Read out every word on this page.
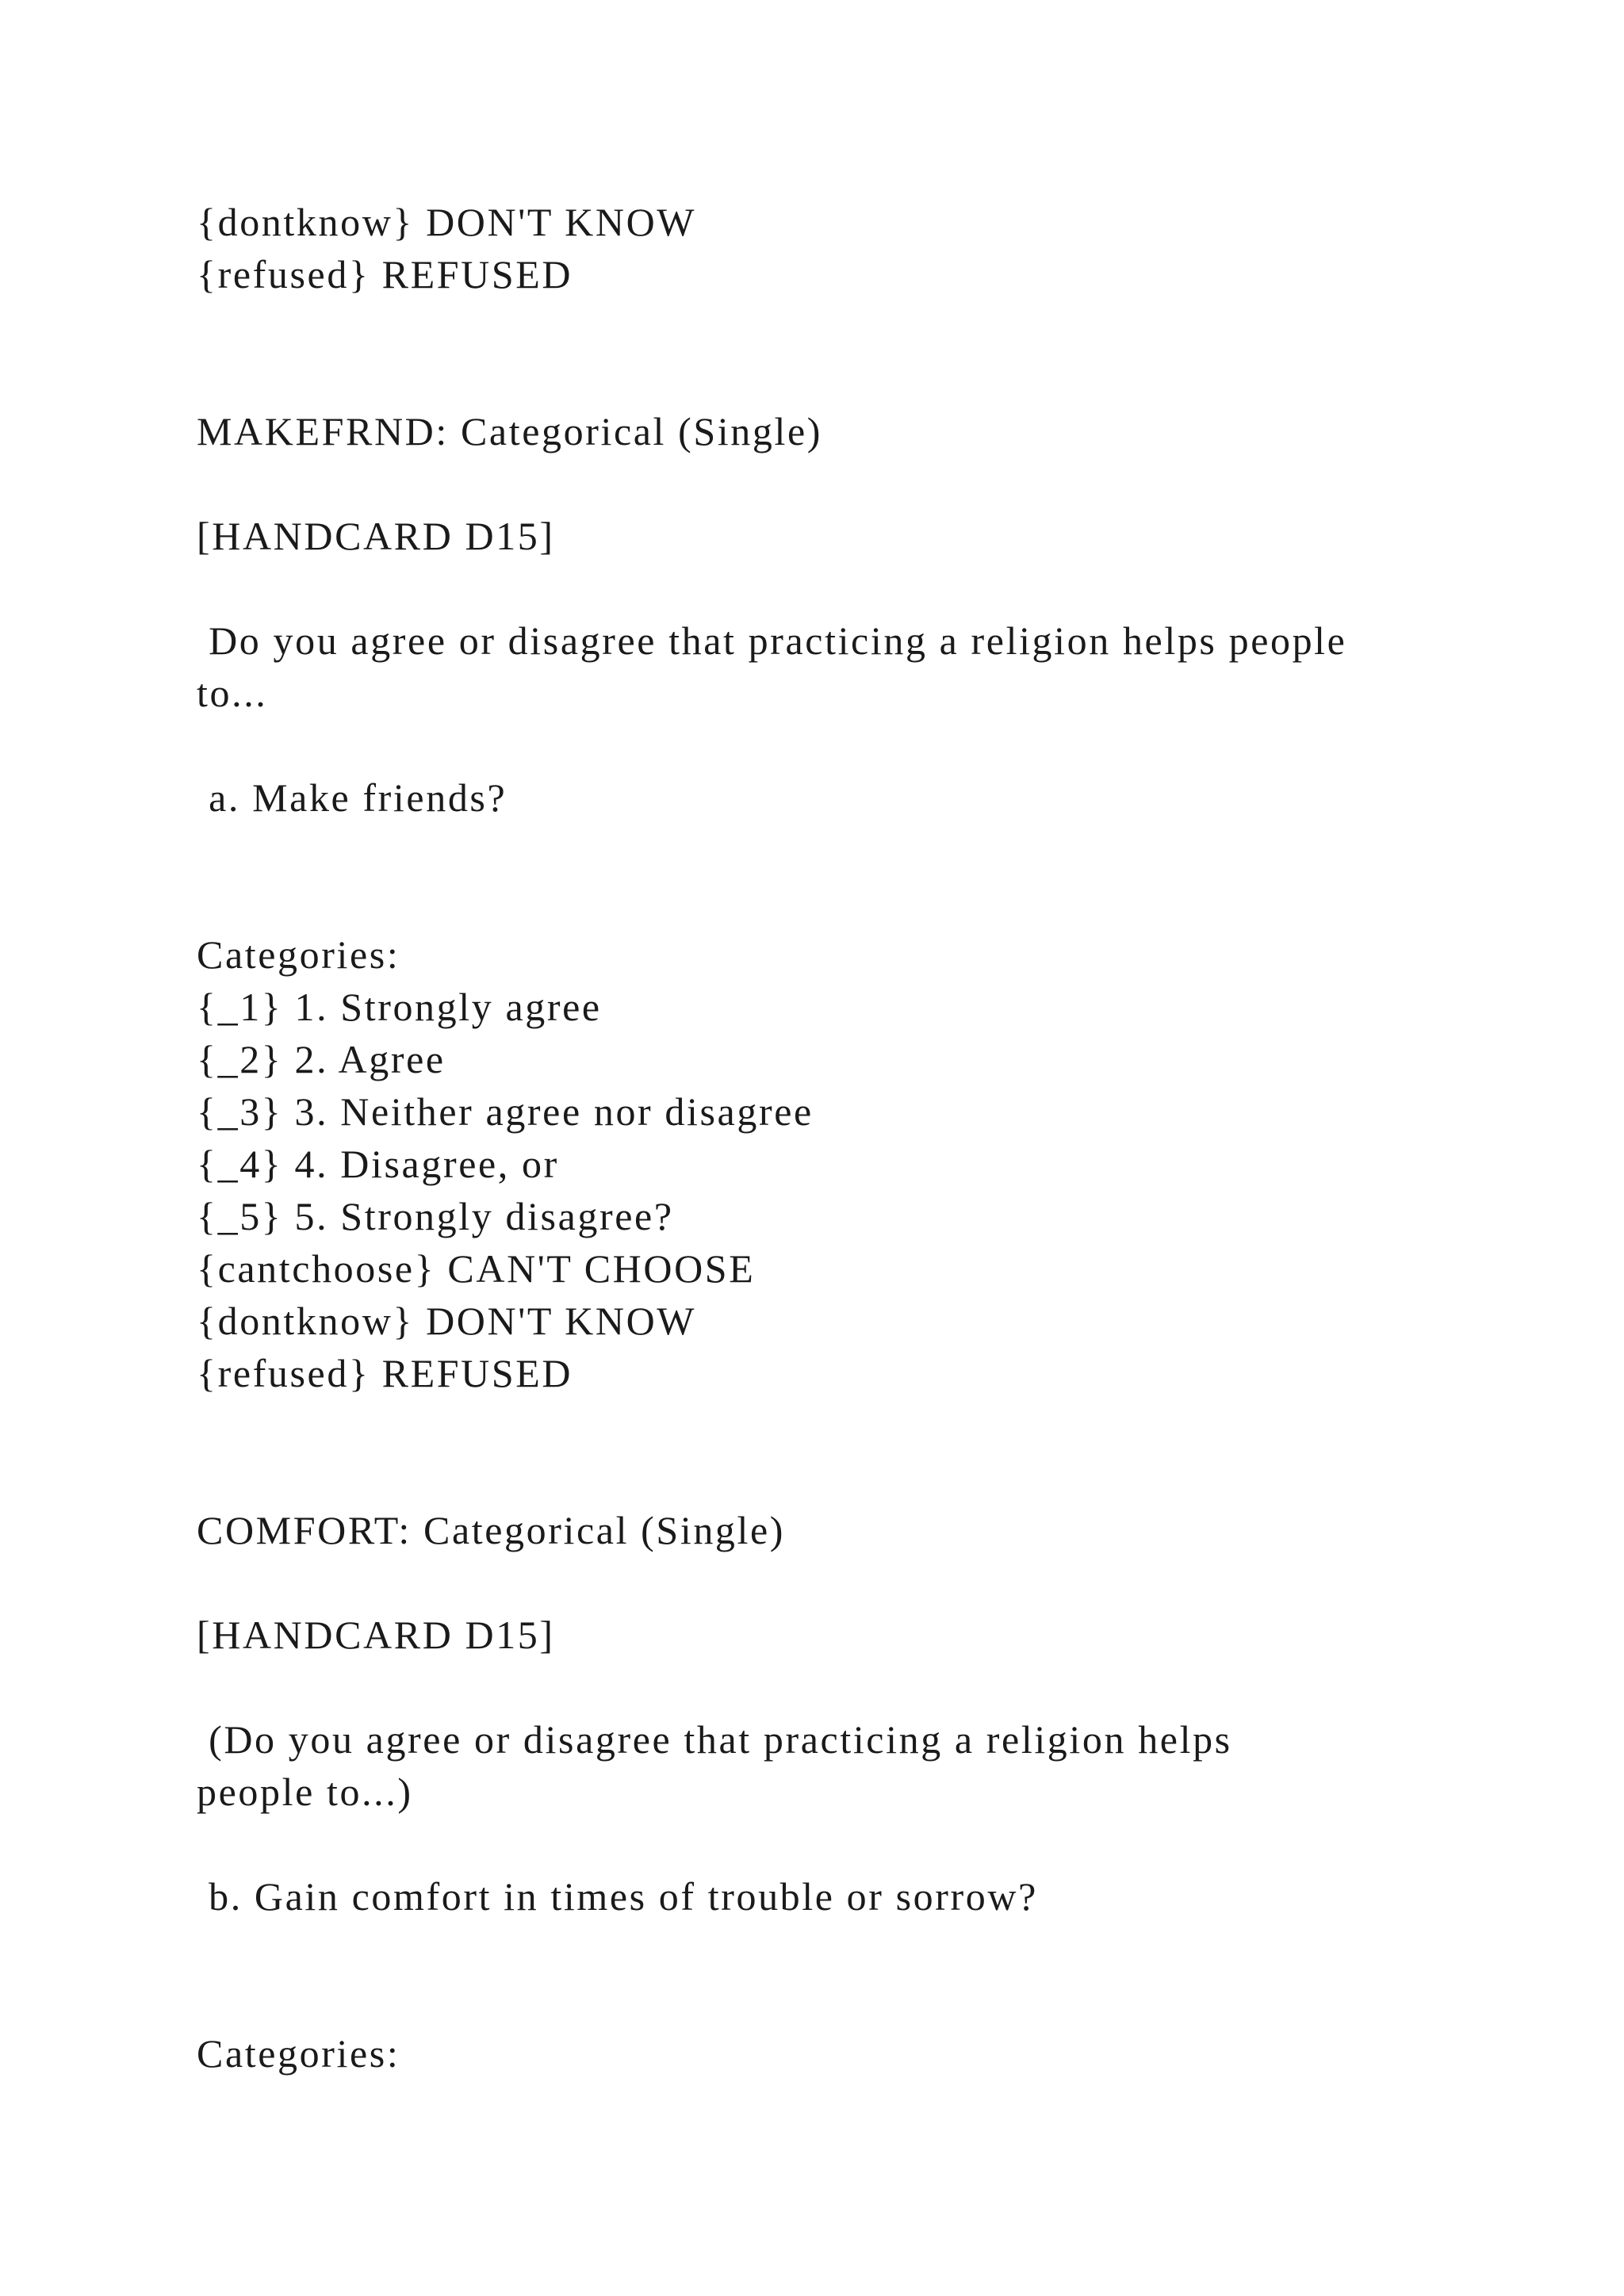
{dontknow} DON'T KNOW

{refused} REFUSED

MAKEFRND: Categorical (Single)

[HANDCARD D15]

Do you agree or disagree that practicing a religion helps people

to...

a. Make friends?

Categories:

{_1} 1. Strongly agree

{_2} 2. Agree

{_3} 3. Neither agree nor disagree

{_4} 4. Disagree, or

{_5} 5. Strongly disagree?

{cantchoose} CAN'T CHOOSE

{dontknow} DON'T KNOW

{refused} REFUSED

COMFORT: Categorical (Single)

[HANDCARD D15]

(Do you agree or disagree that practicing a religion helps

people to...)

b. Gain comfort in times of trouble or sorrow?

Categories:
